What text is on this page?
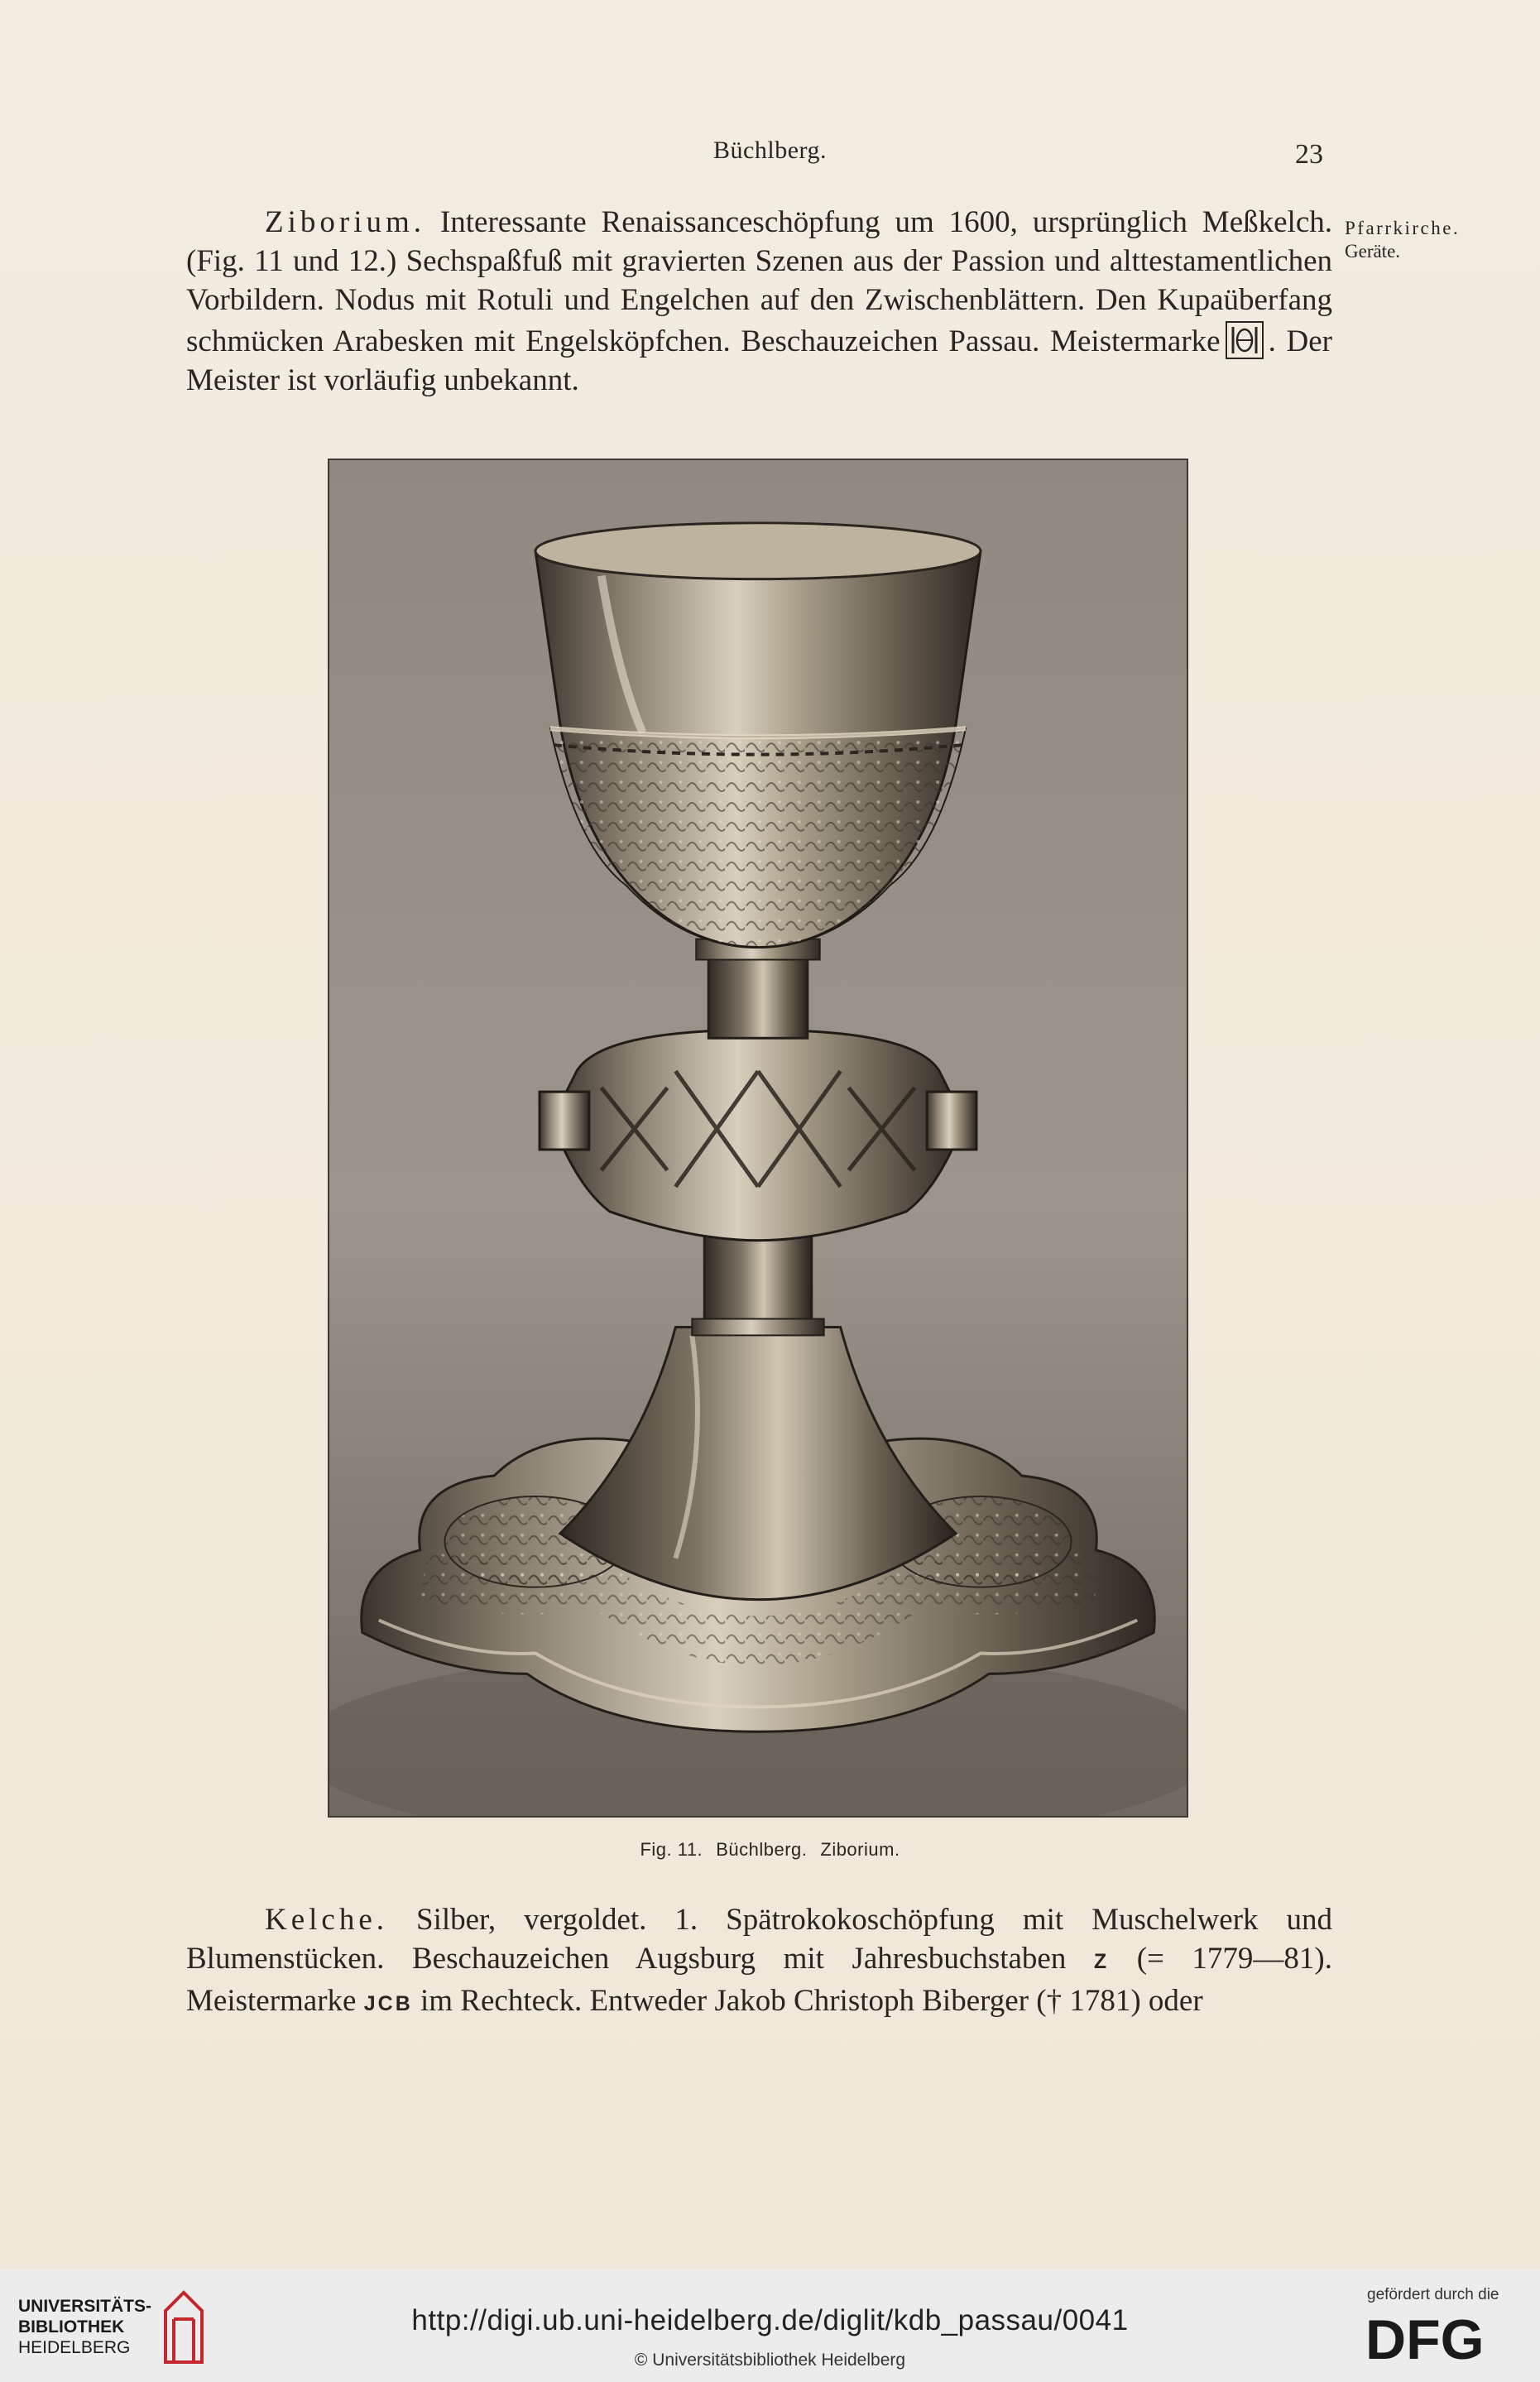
Büchlberg.	23

Ziborium. Interessante Renaissanceschöpfung um 1600, ursprünglich Meßkelch. (Fig. 11 und 12.) Sechspaßfuß mit gravierten Szenen aus der Passion und alttestamentlichen Vorbildern. Nodus mit Rotuli und Engelchen auf den Zwischenblättern. Den Kupaüberfang schmücken Arabesken mit Engelsköpfchen. Beschauzeichen Passau. Meistermarke . Der Meister ist vorläufig unbekannt.

Pfarrkirche.
Geräte.
Fig. 11. Büchlberg. Ziborium.

Kelche. Silber, vergoldet. 1. Spätrokokoschöpfung mit Muschelwerk und Blumenstücken. Beschauzeichen Augsburg mit Jahresbuchstaben Z (= 1779—81). Meistermarke JCB im Rechteck. Entweder Jakob Christoph Biberger († 1781) oder

UNIVERSITÄTS-
BIBLIOTHEK
HEIDELBERG
http://digi.ub.uni-heidelberg.de/diglit/kdb_passau/0041
© Universitätsbibliothek Heidelberg
gefördert durch die
DFG
